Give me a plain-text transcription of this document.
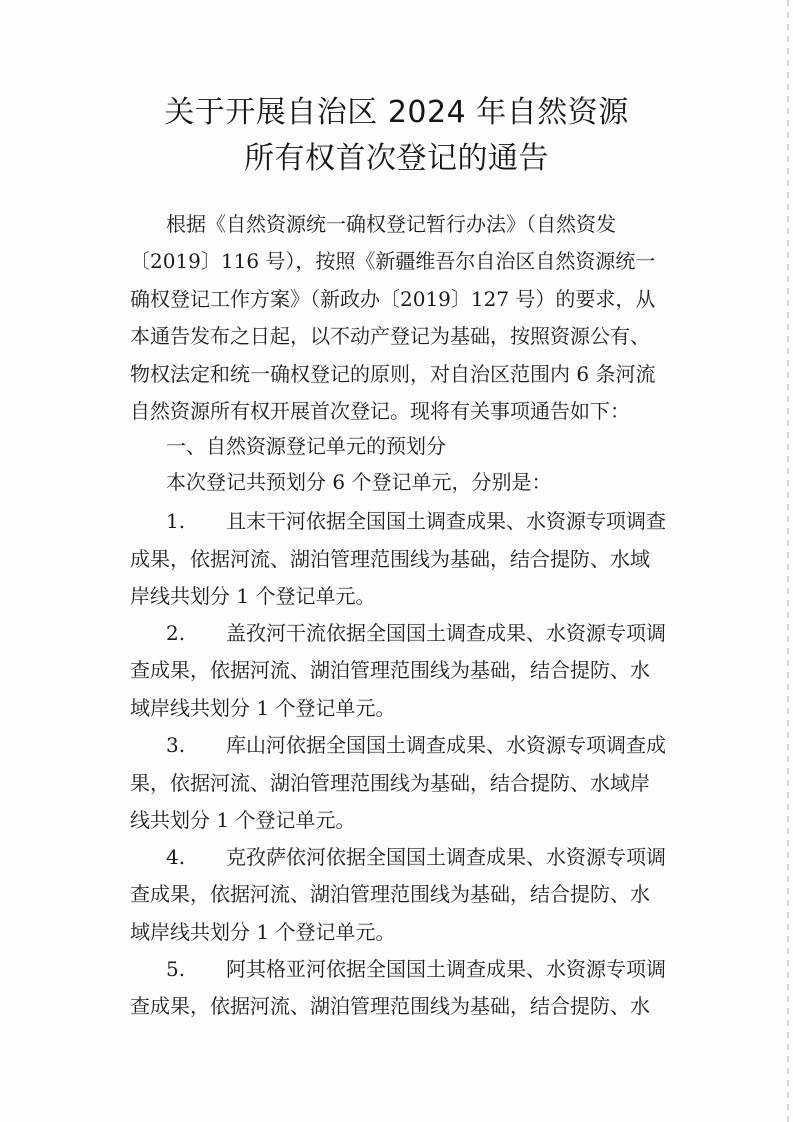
关于开展自治区 2024 年自然资源
所有权首次登记的通告
根据《自然资源统一确权登记暂行办法》（自然资发
〔2019〕116 号），按照《新疆维吾尔自治区自然资源统一
确权登记工作方案》（新政办〔2019〕127 号）的要求，从
本通告发布之日起，以不动产登记为基础，按照资源公有、
物权法定和统一确权登记的原则，对自治区范围内 6 条河流
自然资源所有权开展首次登记。现将有关事项通告如下：
一、自然资源登记单元的预划分
本次登记共预划分 6 个登记单元，分别是：
1. 且末干河依据全国国土调查成果、水资源专项调查
成果，依据河流、湖泊管理范围线为基础，结合提防、水域
岸线共划分 1 个登记单元。
2. 盖孜河干流依据全国国土调查成果、水资源专项调
查成果，依据河流、湖泊管理范围线为基础，结合提防、水
域岸线共划分 1 个登记单元。
3. 库山河依据全国国土调查成果、水资源专项调查成
果，依据河流、湖泊管理范围线为基础，结合提防、水域岸
线共划分 1 个登记单元。
4. 克孜萨依河依据全国国土调查成果、水资源专项调
查成果，依据河流、湖泊管理范围线为基础，结合提防、水
域岸线共划分 1 个登记单元。
5. 阿其格亚河依据全国国土调查成果、水资源专项调
查成果，依据河流、湖泊管理范围线为基础，结合提防、水
